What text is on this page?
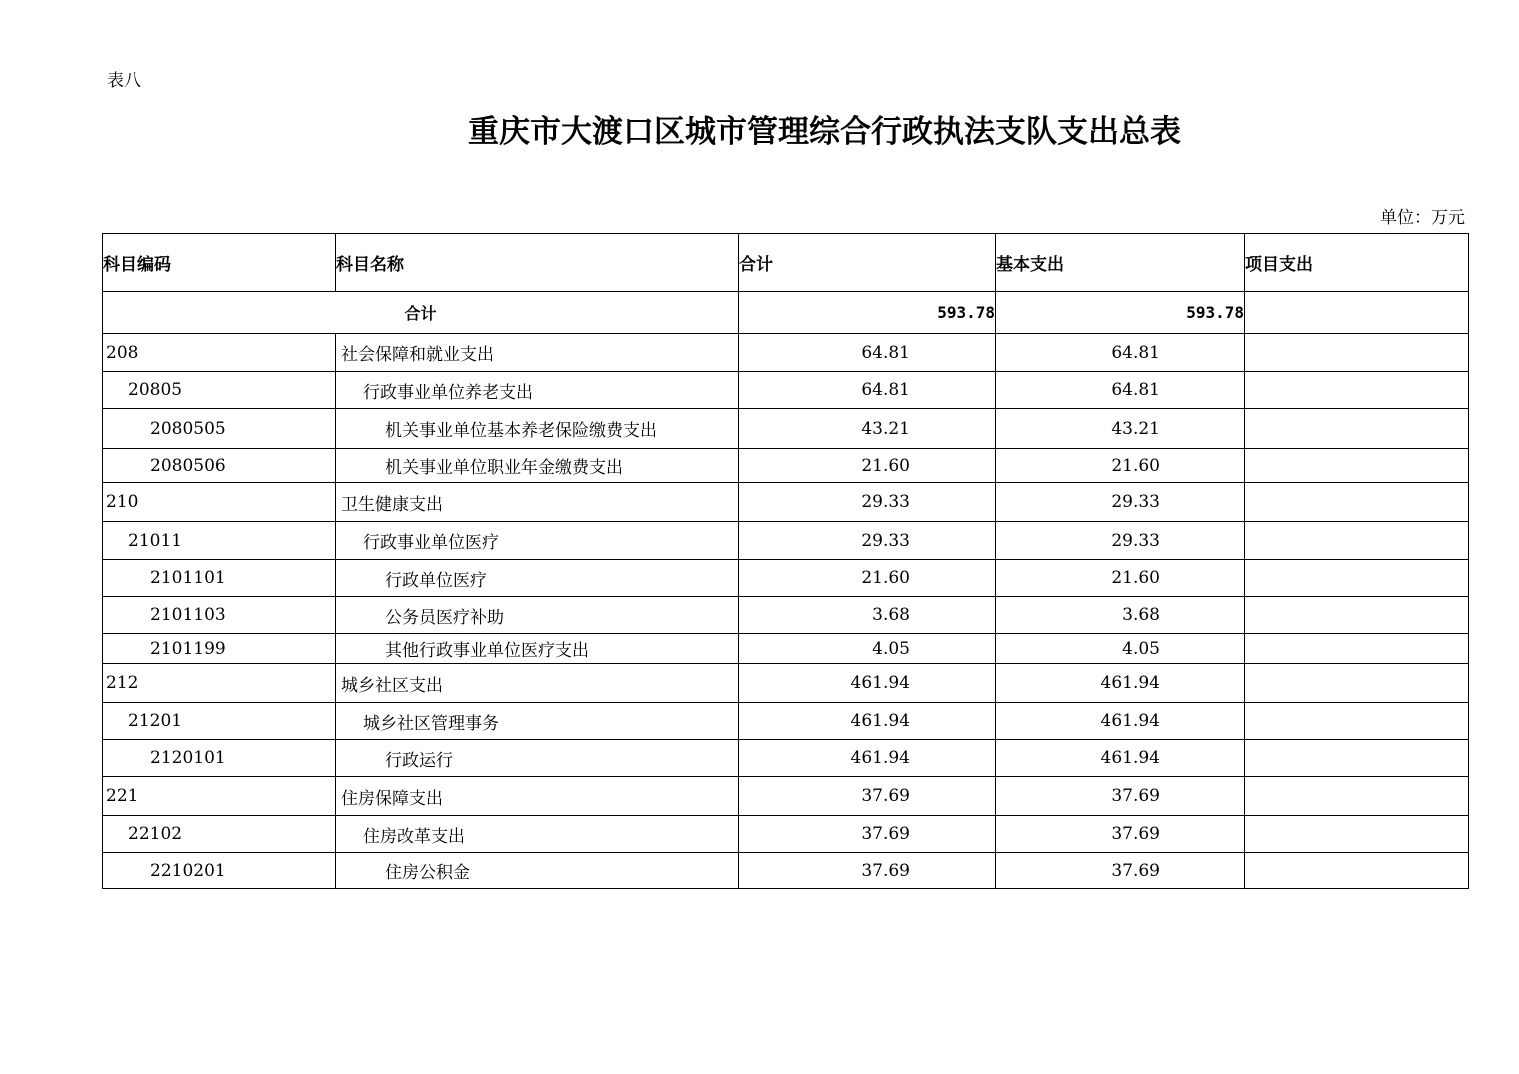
表八
重庆市大渡口区城市管理综合行政执法支队支出总表
单位：万元
科目编码	科目名称	合计	基本支出	项目支出
合计		593.78	593.78	
208	社会保障和就业支出	64.81	64.81	
20805	行政事业单位养老支出	64.81	64.81	
2080505	机关事业单位基本养老保险缴费支出	43.21	43.21	
2080506	机关事业单位职业年金缴费支出	21.60	21.60	
210	卫生健康支出	29.33	29.33	
21011	行政事业单位医疗	29.33	29.33	
2101101	行政单位医疗	21.60	21.60	
2101103	公务员医疗补助	3.68	3.68	
2101199	其他行政事业单位医疗支出	4.05	4.05	
212	城乡社区支出	461.94	461.94	
21201	城乡社区管理事务	461.94	461.94	
2120101	行政运行	461.94	461.94	
221	住房保障支出	37.69	37.69	
22102	住房改革支出	37.69	37.69	
2210201	住房公积金	37.69	37.69	
